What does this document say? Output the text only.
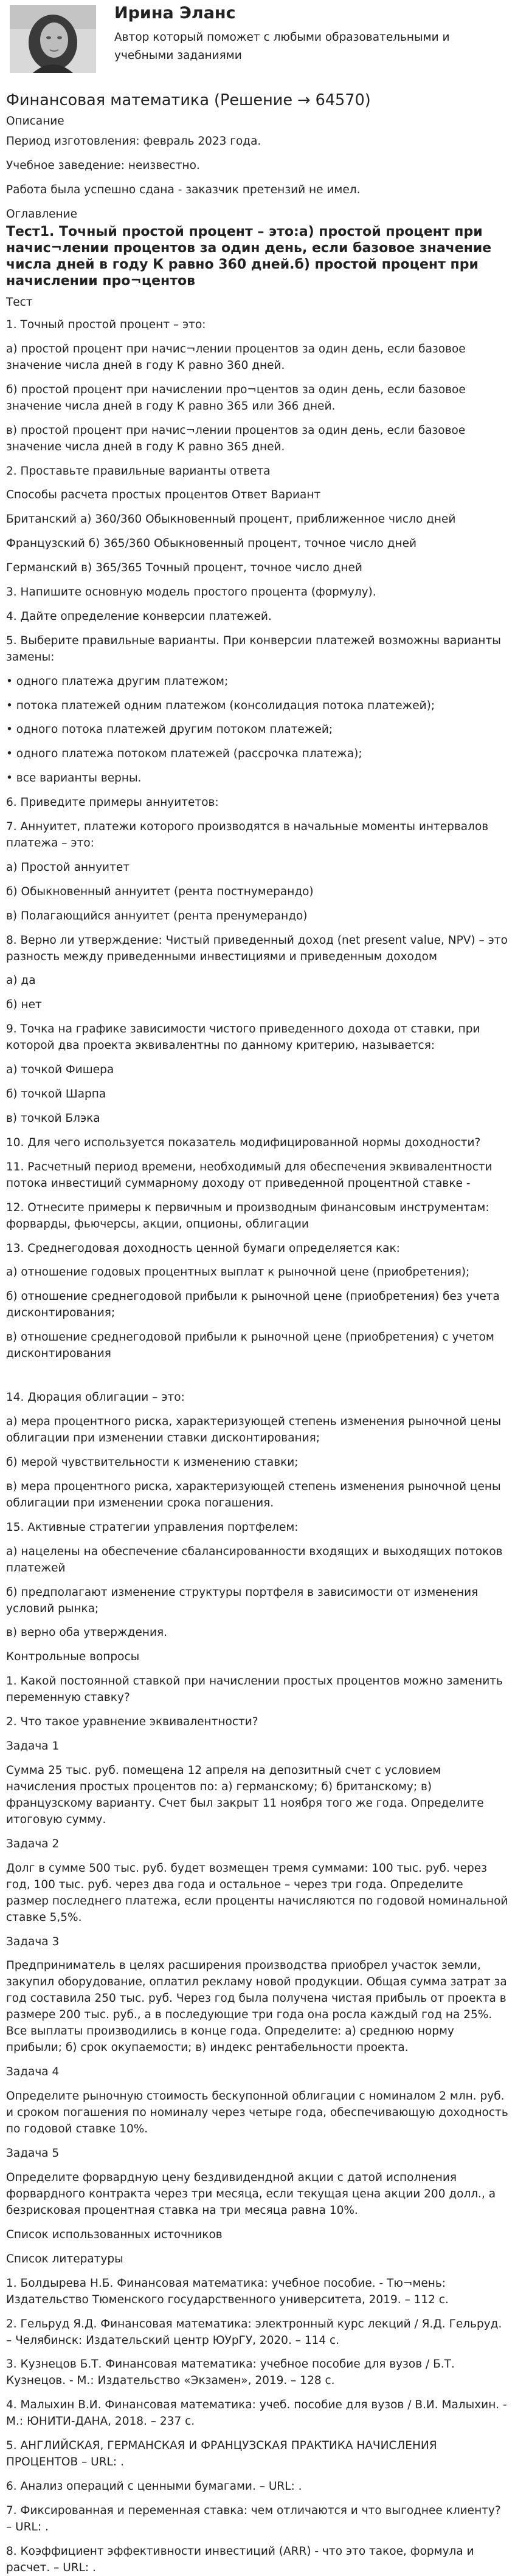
Ирина Эланс
Автор который поможет с любыми образовательными и учебными заданиями
Финансовая математика (Решение → 64570)
Описание
Период изготовления: февраль 2023 года.
Учебное заведение: неизвестно.
Работа была успешно сдана - заказчик претензий не имел.
Оглавление
Тест1. Точный простой процент – это:а) простой процент при начис¬лении процентов за один день, если базовое значение числа дней в году К равно 360 дней.б) простой процент при начислении про¬центов
Тест

1. Точный простой процент – это:

а) простой процент при начис¬лении процентов за один день, если базовое значение числа дней в году К равно 360 дней.

б) простой процент при начислении про¬центов за один день, если базовое значение числа дней в году К равно 365 или 366 дней.

в) простой процент при начис¬лении процентов за один день, если базовое значение числа дней в году К равно 365 дней.

2. Проставьте правильные варианты ответа

Способы расчета простых процентов Ответ Вариант

Британский а) 360/360 Обыкновенный процент, приближенное число дней

Французский б) 365/360 Обыкновенный процент, точное число дней

Германский в) 365/365 Точный процент, точное число дней

3. Напишите основную модель простого процента (формулу).

4. Дайте определение конверсии платежей.

5. Выберите правильные варианты. При конверсии платежей возможны варианты замены:

• одного платежа другим платежом;

• потока платежей одним платежом (консолидация потока платежей);

• одного потока платежей другим потоком платежей;

• одного платежа потоком платежей (рассрочка платежа);

• все варианты верны.

6. Приведите примеры аннуитетов:

7. Аннуитет, платежи которого производятся в начальные моменты интервалов платежа – это:

а) Простой аннуитет

б) Обыкновенный аннуитет (рента постнумерандо)

в) Полагающийся аннуитет (рента пренумерандо)

8. Верно ли утверждение: Чистый приведенный доход (net present value, NPV) – это разность между приведенными инвестициями и приведенным доходом

а) да

б) нет

9. Точка на графике зависимости чистого приведенного дохода от ставки, при которой два проекта эквивалентны по данному критерию, называется:

а) точкой Фишера

б) точкой Шарпа

в) точкой Блэка

10. Для чего используется показатель модифицированной нормы доходности?

11. Расчетный период времени, необходимый для обеспечения эквивалентности потока инвестиций суммарному доходу от приведенной процентной ставке -

12. Отнесите примеры к первичным и производным финансовым инструментам: форварды, фьючерсы, акции, опционы, облигации

13. Среднегодовая доходность ценной бумаги определяется как:

а) отношение годовых процентных выплат к рыночной цене (приобретения);

б) отношение среднегодовой прибыли к рыночной цене (приобретения) без учета дисконтирования;

в) отношение среднегодовой прибыли к рыночной цене (приобретения) с учетом дисконтирования

14. Дюрация облигации – это:

а) мера процентного риска, характеризующей степень изменения рыночной цены облигации при изменении ставки дисконтирования;

б) мерой чувствительности к изменению ставки;

в) мера процентного риска, характеризующей степень изменения рыночной цены облигации при изменении срока погашения.

15. Активные стратегии управления портфелем:

а) нацелены на обеспечение сбалансированности входящих и выходящих потоков платежей

б) предполагают изменение структуры портфеля в зависимости от изменения условий рынка;

в) верно оба утверждения.

Контрольные вопросы

1. Какой постоянной ставкой при начислении простых процентов можно заменить переменную ставку?

2. Что такое уравнение эквивалентности?

Задача 1

Сумма 25 тыс. руб. помещена 12 апреля на депозитный счет с условием начисления простых процентов по: а) германскому; б) британскому; в) французскому варианту. Счет был закрыт 11 ноября того же года. Определите итоговую сумму.

Задача 2

Долг в сумме 500 тыс. руб. будет возмещен тремя суммами: 100 тыс. руб. через год, 100 тыс. руб. через два года и остальное – через три года. Определите размер последнего платежа, если проценты начисляются по годовой номинальной ставке 5,5%.

Задача 3

Предприниматель в целях расширения производства приобрел участок земли, закупил оборудование, оплатил рекламу новой продукции. Общая сумма затрат за год составила 250 тыс. руб. Через год была получена чистая прибыль от проекта в размере 200 тыс. руб., а в последующие три года она росла каждый год на 25%. Все выплаты производились в конце года. Определите: а) среднюю норму прибыли; б) срок окупаемости; в) индекс рентабельности проекта.

Задача 4

Определите рыночную стоимость бескупонной облигации с номиналом 2 млн. руб. и сроком погашения по номиналу через четыре года, обеспечивающую доходность по годовой ставке 10%.

Задача 5

Определите форвардную цену бездивидендной акции с датой исполнения форвардного контракта через три месяца, если текущая цена акции 200 долл., а безрисковая процентная ставка на три месяца равна 10%.

Список использованных источников

Список литературы

1. Болдырева Н.Б. Финансовая математика: учебное пособие. - Тю¬мень: Издательство Тюменского государственного университета, 2019. – 112 с.

2. Гельруд Я.Д. Финансовая математика: электронный курс лекций / Я.Д. Гельруд. – Челябинск: Издательский центр ЮУрГУ, 2020. – 114 с.

3. Кузнецов Б.Т. Финансовая математика: учебное пособие для вузов / Б.Т. Кузнецов. - М.: Издательство «Экзамен», 2019. – 128 с.

4. Малыхин В.И. Финансовая математика: учеб. пособие для вузов / В.И. Малыхин. - М.: ЮНИТИ-ДАНА, 2018. – 237 с.

5. АНГЛИЙСКАЯ, ГЕРМАНСКАЯ И ФРАНЦУЗСКАЯ ПРАКТИКА НАЧИСЛЕНИЯ ПРОЦЕНТОВ – URL: .

6. Анализ операций с ценными бумагами. – URL: .

7. Фиксированная и переменная ставка: чем отличаются и что выгоднее клиенту? – URL: .

8. Коэффициент эффективности инвестиций (ARR) - что это такое, формула и расчет. – URL: .
